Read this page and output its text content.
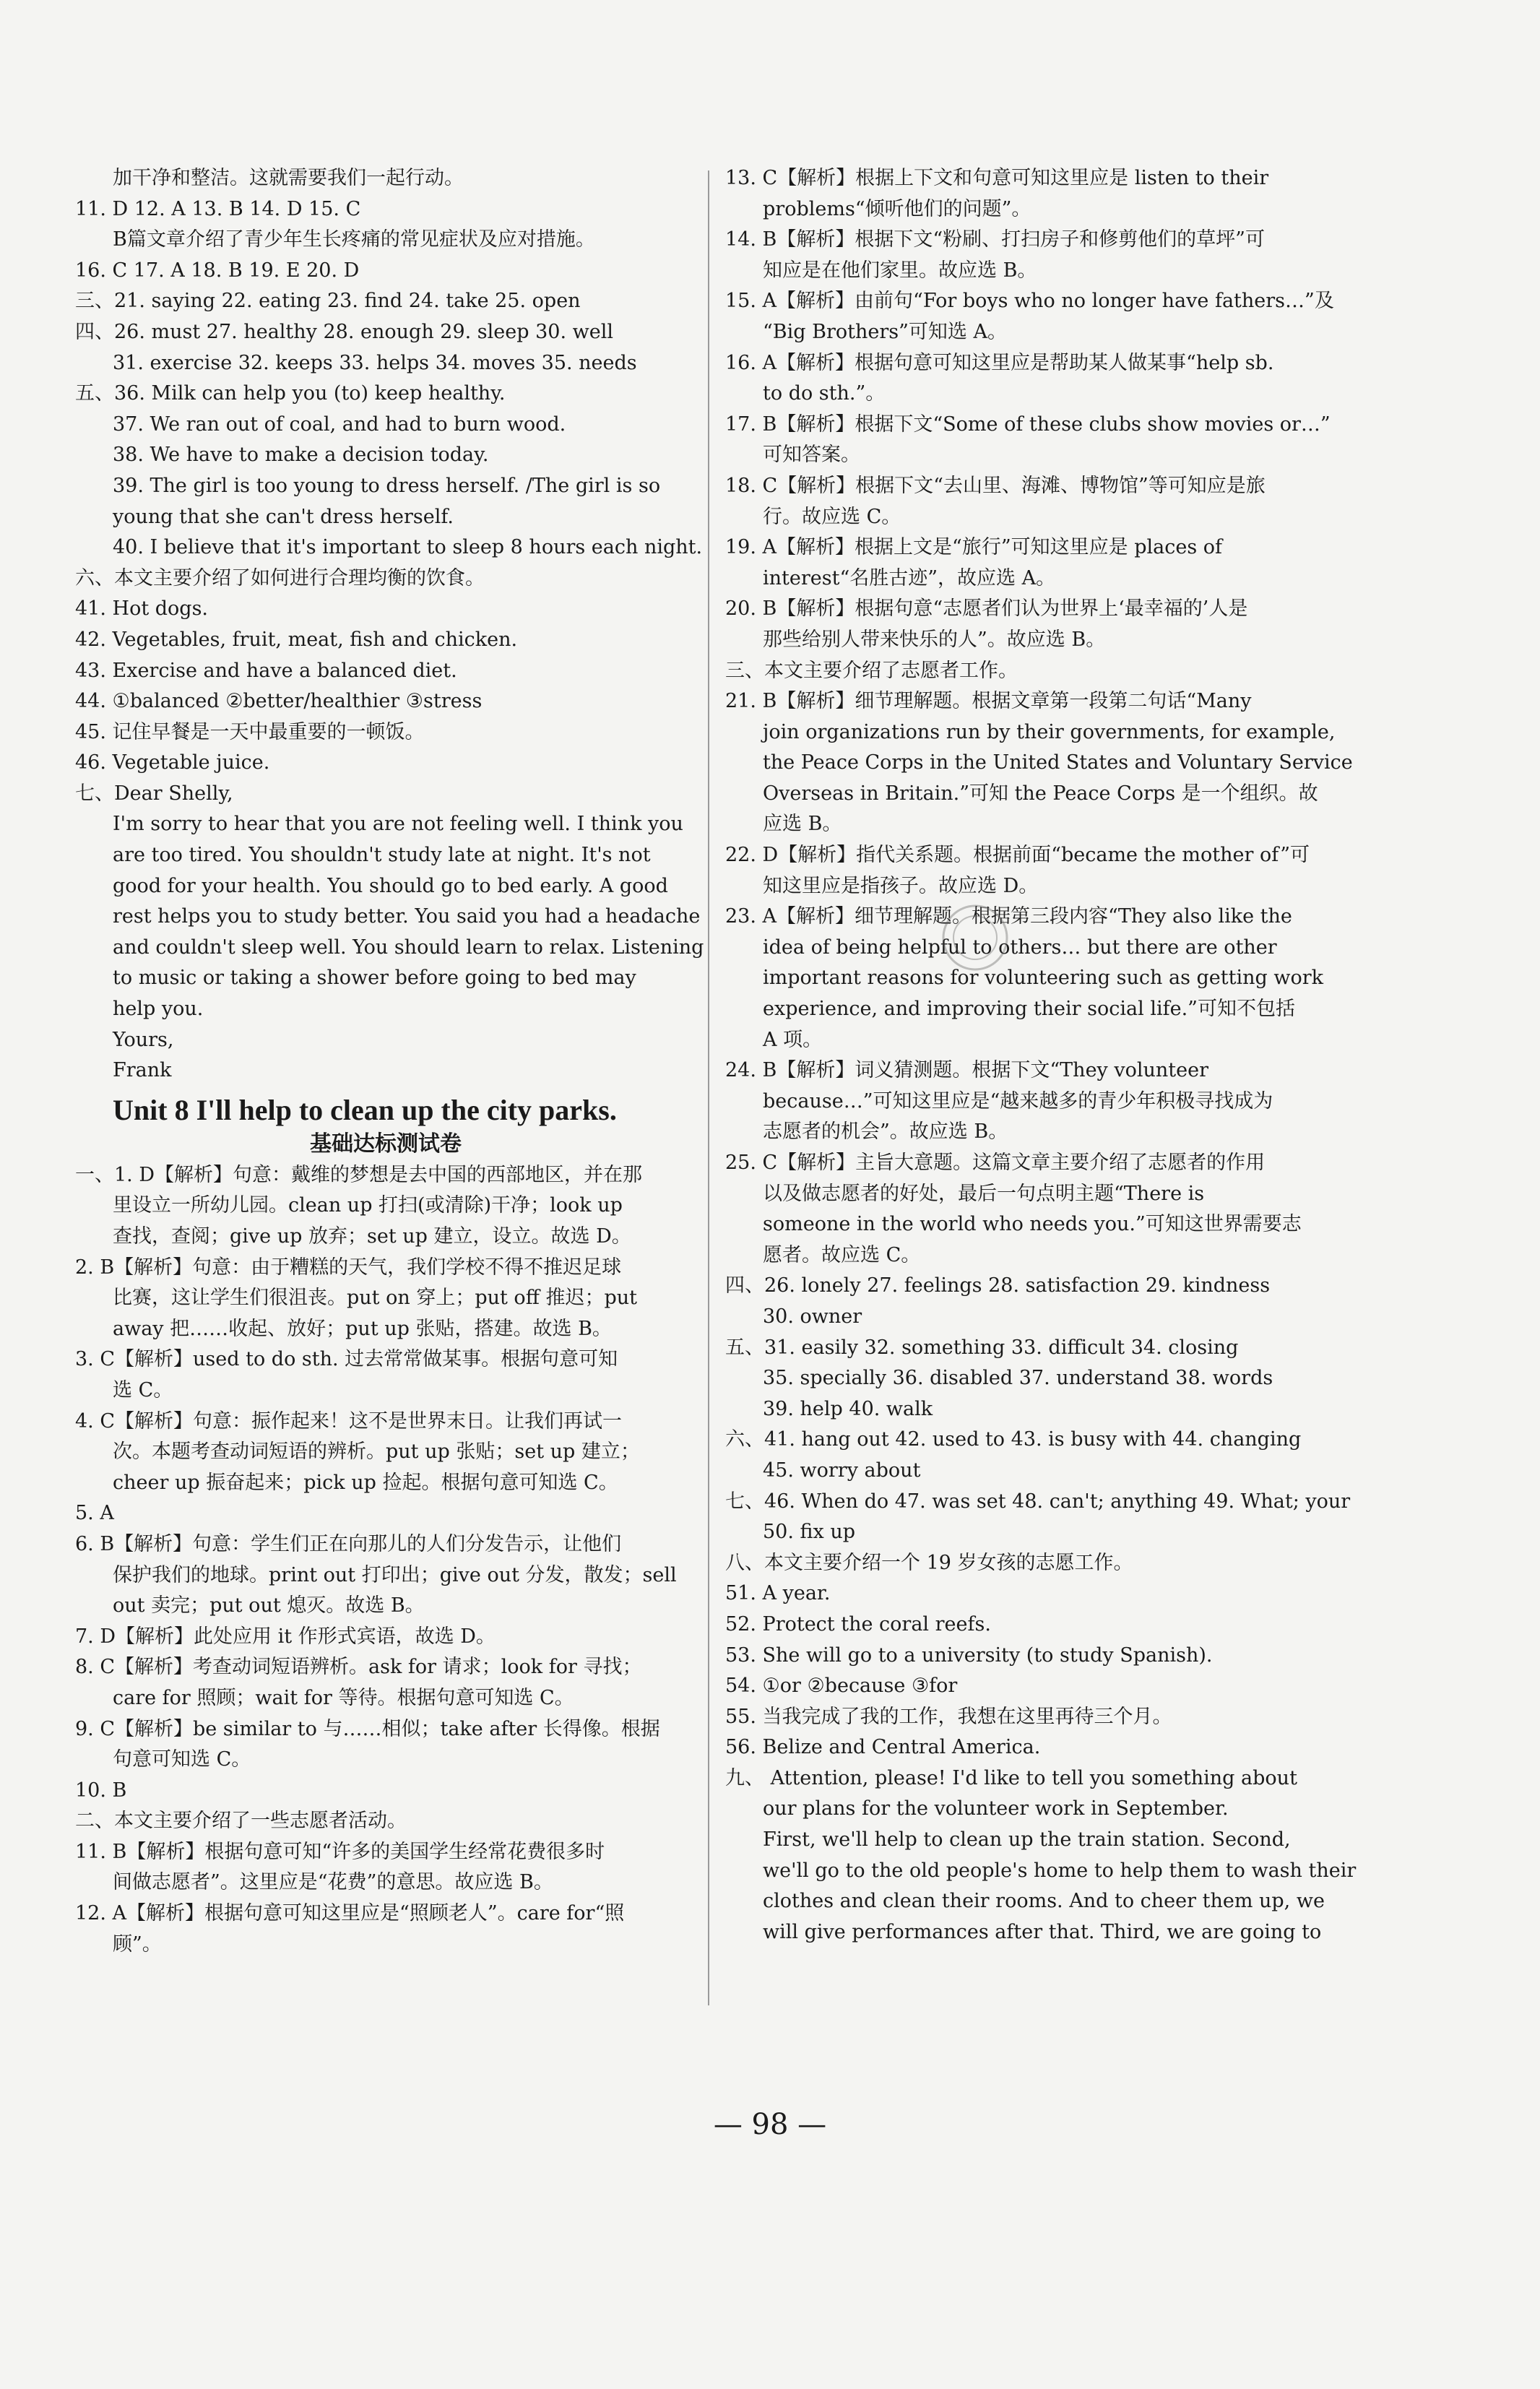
加干净和整洁。这就需要我们一起行动。
11. D 12. A 13. B 14. D 15. C
B篇文章介绍了青少年生长疼痛的常见症状及应对措施。
16. C 17. A 18. B 19. E 20. D
三、21. saying 22. eating 23. find 24. take 25. open
四、26. must 27. healthy 28. enough 29. sleep 30. well
31. exercise 32. keeps 33. helps 34. moves 35. needs
五、36. Milk can help you (to) keep healthy.
37. We ran out of coal, and had to burn wood.
38. We have to make a decision today.
39. The girl is too young to dress herself. /The girl is so
young that she can't dress herself.
40. I believe that it's important to sleep 8 hours each night.
六、本文主要介绍了如何进行合理均衡的饮食。
41. Hot dogs.
42. Vegetables, fruit, meat, fish and chicken.
43. Exercise and have a balanced diet.
44. ①balanced ②better/healthier ③stress
45. 记住早餐是一天中最重要的一顿饭。
46. Vegetable juice.
七、Dear Shelly,
I'm sorry to hear that you are not feeling well. I think you
are too tired. You shouldn't study late at night. It's not
good for your health. You should go to bed early. A good
rest helps you to study better. You said you had a headache
and couldn't sleep well. You should learn to relax. Listening
to music or taking a shower before going to bed may
help you.
Yours,
Frank
Unit 8 I'll help to clean up the city parks.
基础达标测试卷
一、1. D【解析】句意：戴维的梦想是去中国的西部地区，并在那
里设立一所幼儿园。clean up 打扫(或清除)干净；look up
查找，查阅；give up 放弃；set up 建立，设立。故选 D。
2. B【解析】句意：由于糟糕的天气，我们学校不得不推迟足球
比赛，这让学生们很沮丧。put on 穿上；put off 推迟；put
away 把……收起、放好；put up 张贴，搭建。故选 B。
3. C【解析】used to do sth. 过去常常做某事。根据句意可知
选 C。
4. C【解析】句意：振作起来！这不是世界末日。让我们再试一
次。本题考查动词短语的辨析。put up 张贴；set up 建立；
cheer up 振奋起来；pick up 捡起。根据句意可知选 C。
5. A
6. B【解析】句意：学生们正在向那儿的人们分发告示，让他们
保护我们的地球。print out 打印出；give out 分发，散发；sell
out 卖完；put out 熄灭。故选 B。
7. D【解析】此处应用 it 作形式宾语，故选 D。
8. C【解析】考查动词短语辨析。ask for 请求；look for 寻找；
care for 照顾；wait for 等待。根据句意可知选 C。
9. C【解析】be similar to 与……相似；take after 长得像。根据
句意可知选 C。
10. B
二、本文主要介绍了一些志愿者活动。
11. B【解析】根据句意可知“许多的美国学生经常花费很多时
间做志愿者”。这里应是“花费”的意思。故应选 B。
12. A【解析】根据句意可知这里应是“照顾老人”。care for“照
顾”。
13. C【解析】根据上下文和句意可知这里应是 listen to their
problems“倾听他们的问题”。
14. B【解析】根据下文“粉刷、打扫房子和修剪他们的草坪”可
知应是在他们家里。故应选 B。
15. A【解析】由前句“For boys who no longer have fathers…”及
“Big Brothers”可知选 A。
16. A【解析】根据句意可知这里应是帮助某人做某事“help sb.
to do sth.”。
17. B【解析】根据下文“Some of these clubs show movies or…”
可知答案。
18. C【解析】根据下文“去山里、海滩、博物馆”等可知应是旅
行。故应选 C。
19. A【解析】根据上文是“旅行”可知这里应是 places of
interest“名胜古迹”，故应选 A。
20. B【解析】根据句意“志愿者们认为世界上‘最幸福的’人是
那些给别人带来快乐的人”。故应选 B。
三、本文主要介绍了志愿者工作。
21. B【解析】细节理解题。根据文章第一段第二句话“Many
join organizations run by their governments, for example,
the Peace Corps in the United States and Voluntary Service
Overseas in Britain.”可知 the Peace Corps 是一个组织。故
应选 B。
22. D【解析】指代关系题。根据前面“became the mother of”可
知这里应是指孩子。故应选 D。
23. A【解析】细节理解题。根据第三段内容“They also like the
idea of being helpful to others… but there are other
important reasons for volunteering such as getting work
experience, and improving their social life.”可知不包括
A 项。
24. B【解析】词义猜测题。根据下文“They volunteer
because…”可知这里应是“越来越多的青少年积极寻找成为
志愿者的机会”。故应选 B。
25. C【解析】主旨大意题。这篇文章主要介绍了志愿者的作用
以及做志愿者的好处，最后一句点明主题“There is
someone in the world who needs you.”可知这世界需要志
愿者。故应选 C。
四、26. lonely 27. feelings 28. satisfaction 29. kindness
30. owner
五、31. easily 32. something 33. difficult 34. closing
35. specially 36. disabled 37. understand 38. words
39. help 40. walk
六、41. hang out 42. used to 43. is busy with 44. changing
45. worry about
七、46. When do 47. was set 48. can't; anything 49. What; your
50. fix up
八、本文主要介绍一个 19 岁女孩的志愿工作。
51. A year.
52. Protect the coral reefs.
53. She will go to a university (to study Spanish).
54. ①or ②because ③for
55. 当我完成了我的工作，我想在这里再待三个月。
56. Belize and Central America.
九、 Attention, please! I'd like to tell you something about
our plans for the volunteer work in September.
First, we'll help to clean up the train station. Second,
we'll go to the old people's home to help them to wash their
clothes and clean their rooms. And to cheer them up, we
will give performances after that. Third, we are going to
— 98 —
